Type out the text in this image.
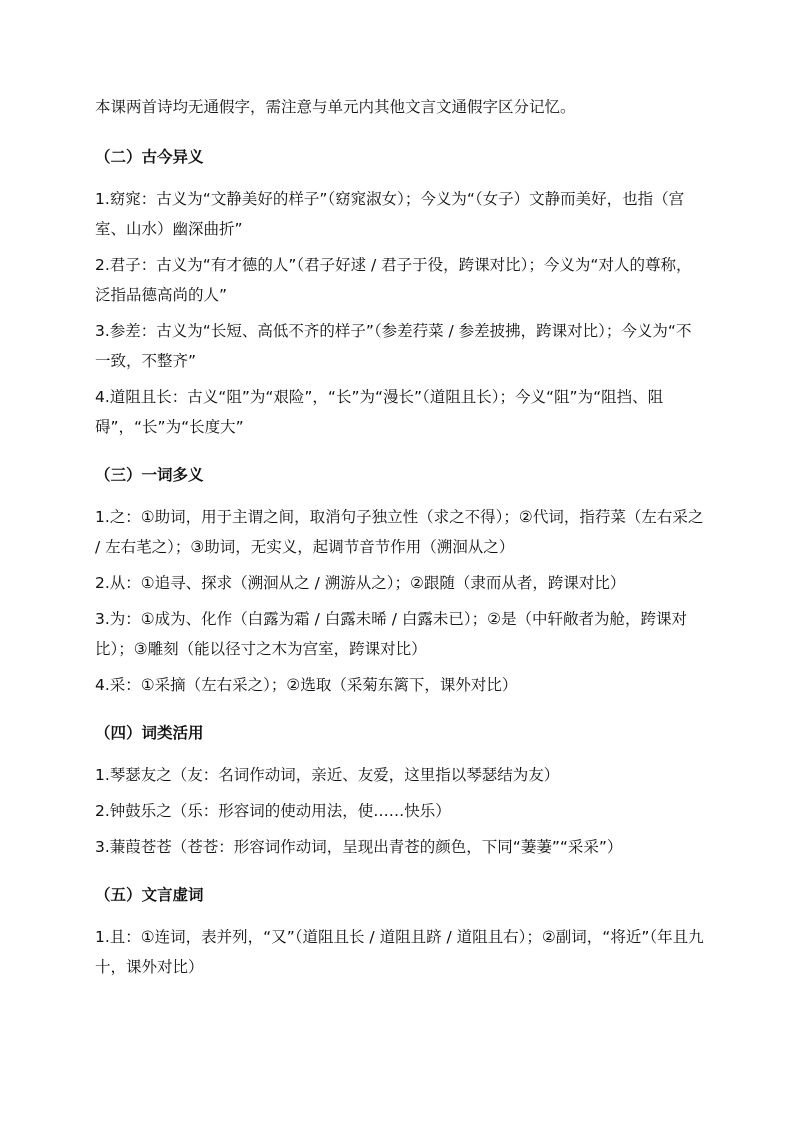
本课两首诗均无通假字，需注意与单元内其他文言文通假字区分记忆。

（二）古今异义

1.窈窕：古义为“文静美好的样子”（窈窕淑女）；今义为“（女子）文静而美好，也指（宫室、山水）幽深曲折”

2.君子：古义为“有才德的人”（君子好逑 / 君子于役，跨课对比）；今义为“对人的尊称，泛指品德高尚的人”

3.参差：古义为“长短、高低不齐的样子”（参差荇菜 / 参差披拂，跨课对比）；今义为“不一致，不整齐”

4.道阻且长：古义“阻”为“艰险”，“长”为“漫长”（道阻且长）；今义“阻”为“阻挡、阻碍”，“长”为“长度大”

（三）一词多义

1.之：①助词，用于主谓之间，取消句子独立性（求之不得）；②代词，指荇菜（左右采之 / 左右芼之）；③助词，无实义，起调节音节作用（溯洄从之）

2.从：①追寻、探求（溯洄从之 / 溯游从之）；②跟随（隶而从者，跨课对比）

3.为：①成为、化作（白露为霜 / 白露未晞 / 白露未已）；②是（中轩敞者为舱，跨课对比）；③雕刻（能以径寸之木为宫室，跨课对比）

4.采：①采摘（左右采之）；②选取（采菊东篱下，课外对比）

（四）词类活用

1.琴瑟友之（友：名词作动词，亲近、友爱，这里指以琴瑟结为友）

2.钟鼓乐之（乐：形容词的使动用法，使……快乐）

3.蒹葭苍苍（苍苍：形容词作动词，呈现出青苍的颜色，下同“萋萋”“采采”）

（五）文言虚词

1.且：①连词，表并列，“又”（道阻且长 / 道阻且跻 / 道阻且右）；②副词，“将近”（年且九十，课外对比）
